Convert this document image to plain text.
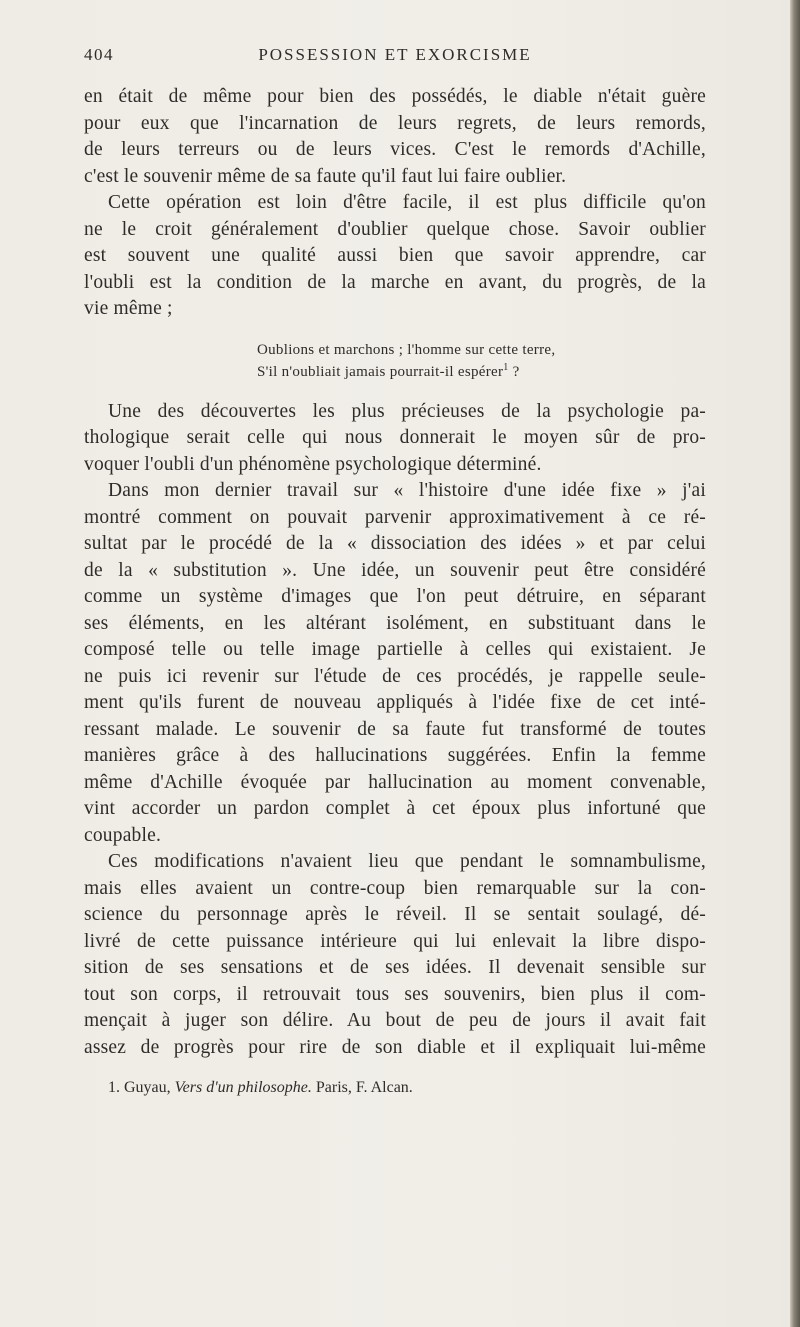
404	POSSESSION ET EXORCISME
en était de même pour bien des possédés, le diable n'était guère
pour eux que l'incarnation de leurs regrets, de leurs remords,
de leurs terreurs ou de leurs vices. C'est le remords d'Achille,
c'est le souvenir même de sa faute qu'il faut lui faire oublier.
Cette opération est loin d'être facile, il est plus difficile qu'on
ne le croit généralement d'oublier quelque chose. Savoir oublier
est souvent une qualité aussi bien que savoir apprendre, car
l'oubli est la condition de la marche en avant, du progrès, de la
vie même ;
Oublions et marchons ; l'homme sur cette terre,
S'il n'oubliait jamais pourrait-il espérer$^1$ ?
Une des découvertes les plus précieuses de la psychologie pa-
thologique serait celle qui nous donnerait le moyen sûr de pro-
voquer l'oubli d'un phénomène psychologique déterminé.
Dans mon dernier travail sur « l'histoire d'une idée fixe » j'ai
montré comment on pouvait parvenir approximativement à ce ré-
sultat par le procédé de la « dissociation des idées » et par celui
de la « substitution ». Une idée, un souvenir peut être considéré
comme un système d'images que l'on peut détruire, en séparant
ses éléments, en les altérant isolément, en substituant dans le
composé telle ou telle image partielle à celles qui existaient. Je
ne puis ici revenir sur l'étude de ces procédés, je rappelle seule-
ment qu'ils furent de nouveau appliqués à l'idée fixe de cet inté-
ressant malade. Le souvenir de sa faute fut transformé de toutes
manières grâce à des hallucinations suggérées. Enfin la femme
même d'Achille évoquée par hallucination au moment convenable,
vint accorder un pardon complet à cet époux plus infortuné que
coupable.
Ces modifications n'avaient lieu que pendant le somnambulisme,
mais elles avaient un contre-coup bien remarquable sur la con-
science du personnage après le réveil. Il se sentait soulagé, dé-
livré de cette puissance intérieure qui lui enlevait la libre dispo-
sition de ses sensations et de ses idées. Il devenait sensible sur
tout son corps, il retrouvait tous ses souvenirs, bien plus il com-
mençait à juger son délire. Au bout de peu de jours il avait fait
assez de progrès pour rire de son diable et il expliquait lui-même
1. Guyau, Vers d'un philosophe. Paris, F. Alcan.
